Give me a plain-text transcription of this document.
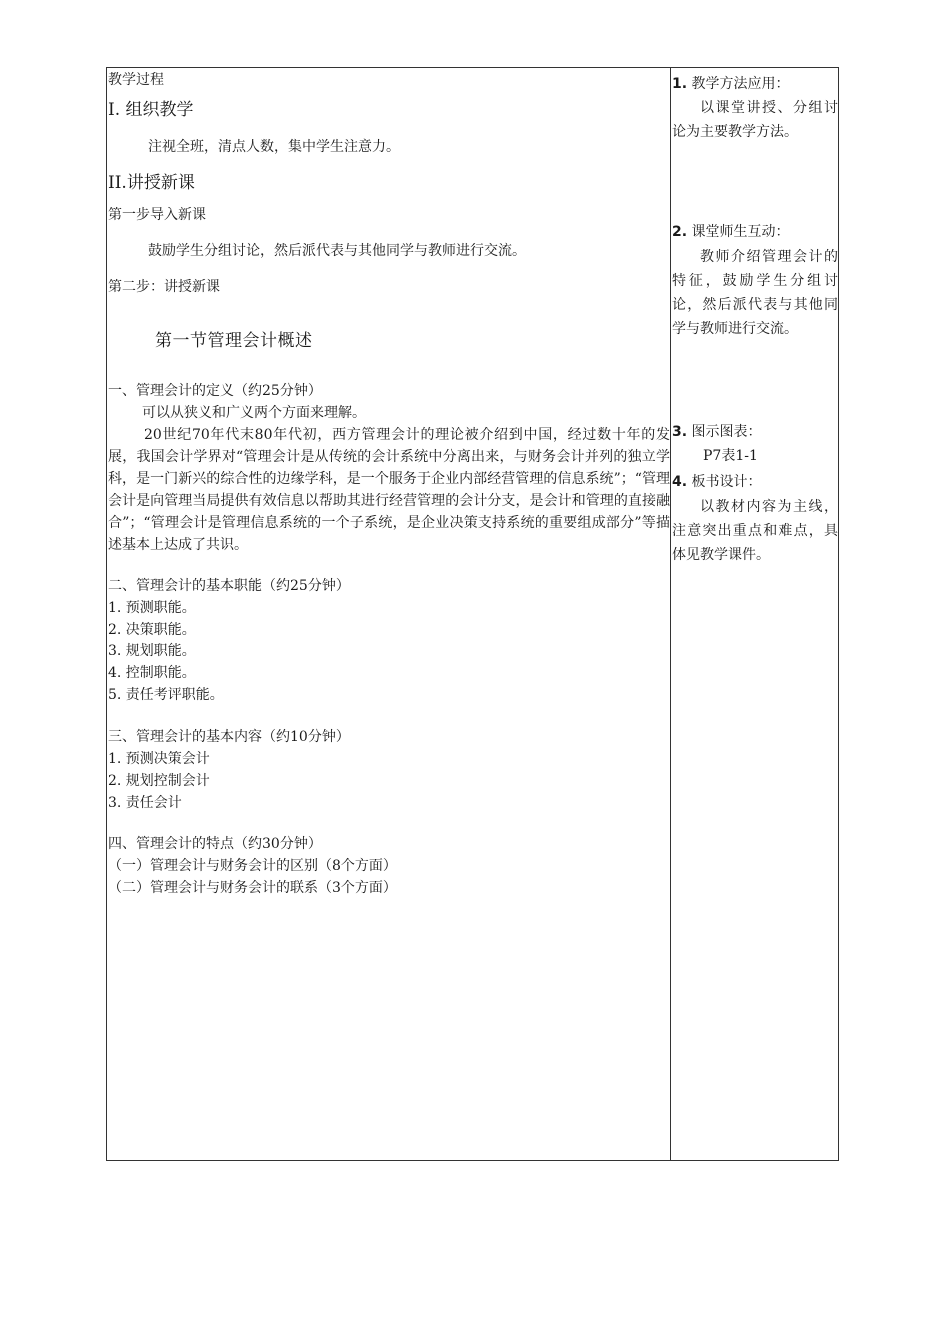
教学过程
I. 组织教学
注视全班，清点人数，集中学生注意力。
II.讲授新课
第一步导入新课
鼓励学生分组讨论，然后派代表与其他同学与教师进行交流。
第二步：讲授新课
第一节管理会计概述
一、管理会计的定义（约25分钟）
可以从狭义和广义两个方面来理解。
20世纪70年代末80年代初，西方管理会计的理论被介绍到中国，经过数十年的发展，我国会计学界对“管理会计是从传统的会计系统中分离出来，与财务会计并列的独立学科，是一门新兴的综合性的边缘学科，是一个服务于企业内部经营管理的信息系统”；“管理会计是向管理当局提供有效信息以帮助其进行经营管理的会计分支，是会计和管理的直接融合”；“管理会计是管理信息系统的一个子系统，是企业决策支持系统的重要组成部分”等描述基本上达成了共识。
二、管理会计的基本职能（约25分钟）
1. 预测职能。
2. 决策职能。
3. 规划职能。
4. 控制职能。
5. 责任考评职能。
三、管理会计的基本内容（约10分钟）
1. 预测决策会计
2. 规划控制会计
3. 责任会计
四、管理会计的特点（约30分钟）
（一）管理会计与财务会计的区别（8个方面）
（二）管理会计与财务会计的联系（3个方面）
1. 教学方法应用：
以课堂讲授、分组讨论为主要教学方法。
2. 课堂师生互动：
教师介绍管理会计的特征，鼓励学生分组讨论，然后派代表与其他同学与教师进行交流。
3. 图示图表：
P7表1-1
4. 板书设计：
以教材内容为主线，注意突出重点和难点，具体见教学课件。
